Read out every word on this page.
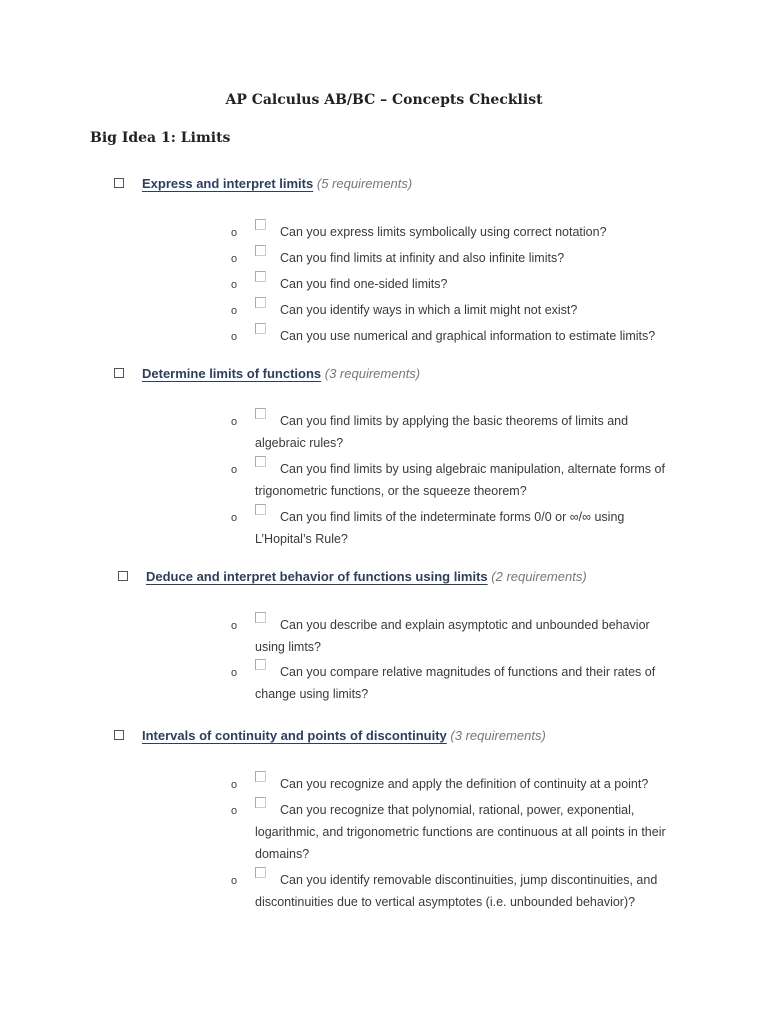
AP Calculus AB/BC – Concepts Checklist
Big Idea 1: Limits
Express and interpret limits (5 requirements)
o	Can you express limits symbolically using correct notation?
o	Can you find limits at infinity and also infinite limits?
o	Can you find one-sided limits?
o	Can you identify ways in which a limit might not exist?
o	Can you use numerical and graphical information to estimate limits?
Determine limits of functions (3 requirements)
o	Can you find limits by applying the basic theorems of limits and
algebraic rules?
o	Can you find limits by using algebraic manipulation, alternate forms of
trigonometric functions, or the squeeze theorem?
o	Can you find limits of the indeterminate forms 0/0 or ∞/∞ using
L’Hopital’s Rule?
Deduce and interpret behavior of functions using limits (2 requirements)
o	Can you describe and explain asymptotic and unbounded behavior
using limts?
o	Can you compare relative magnitudes of functions and their rates of
change using limits?
Intervals of continuity and points of discontinuity (3 requirements)
o	Can you recognize and apply the definition of continuity at a point?
o	Can you recognize that polynomial, rational, power, exponential,
logarithmic, and trigonometric functions are continuous at all points in their
domains?
o	Can you identify removable discontinuities, jump discontinuities, and
discontinuities due to vertical asymptotes (i.e. unbounded behavior)?
